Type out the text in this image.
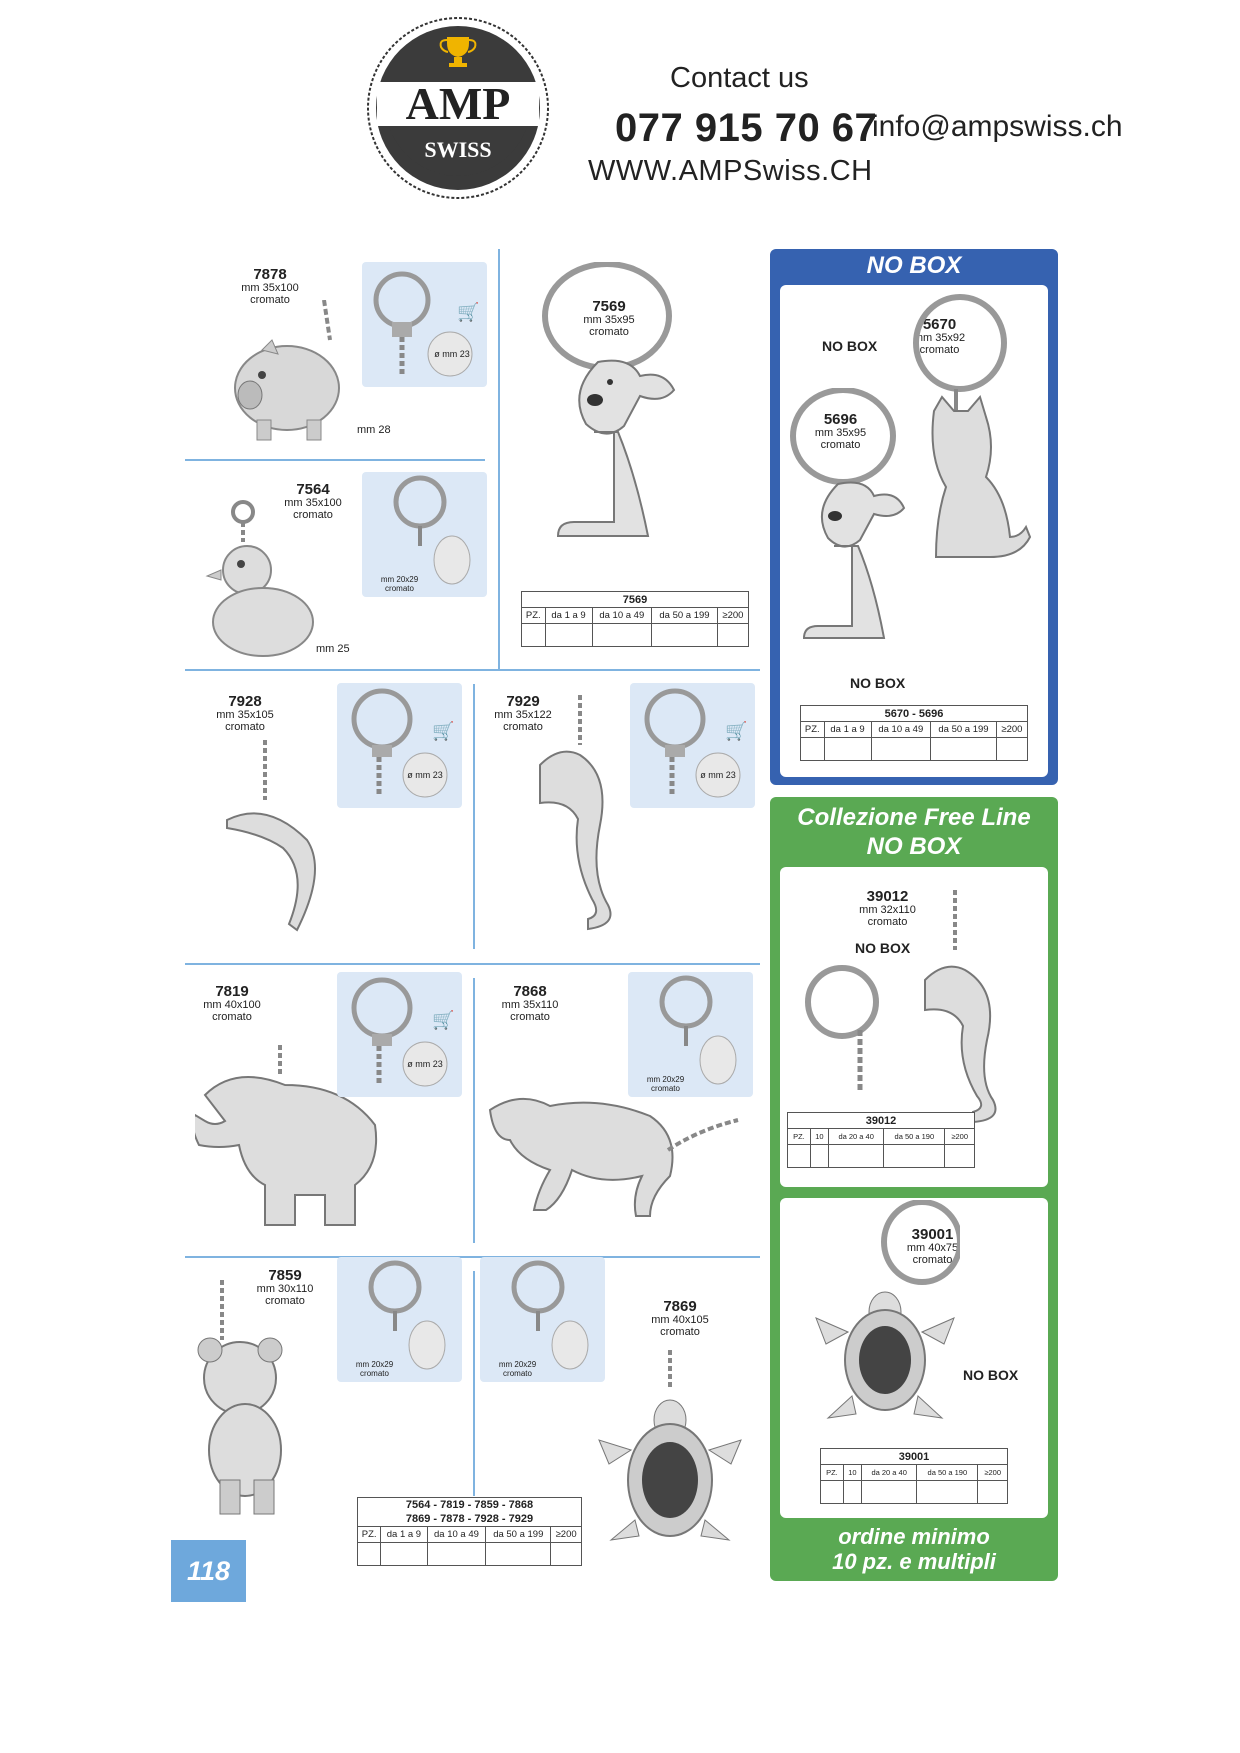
AMP
SWISS
Contact us
077 915 70 67
info@ampswiss.ch
WWW.AMPSwiss.CH
7878
mm 35x100
cromato
🛒
ø mm 23
mm 28
7564
mm 35x100
cromato
mm 20x29
cromato
mm 25
7569
mm 35x95
cromato
7569				
PZ.	da 1 a 9	da 10 a 49	da 50 a 199	≥200

7928
mm 35x105
cromato	🛒
ø mm 23
7929
mm 35x122
cromato	🛒
ø mm 23
7819
mm 40x100
cromato	🛒
ø mm 23
7868
mm 35x110
cromato
mm 20x29
cromato
7859
mm 30x110
cromato
mm 20x29
cromato
mm 20x29
cromato
7869
mm 40x105
cromato
7564 - 7819 - 7859 - 7868
7869 - 7878 - 7928 - 7929				
PZ.	da 1 a 9	da 10 a 49	da 50 a 199	≥200

118
NO BOX
NO BOX
5670
mm 35x92
cromato
5696
mm 35x95
cromato
NO BOX
5670 - 5696				
PZ.	da 1 a 9	da 10 a 49	da 50 a 199	≥200

Collezione Free Line
NO BOX
39012
mm 32x110
cromato
NO BOX
39012				
PZ.	10	da 20 a 40	da 50 a 190	≥200

39001
mm 40x75
cromato
NO BOX
39001				
PZ.	10	da 20 a 40	da 50 a 190	≥200

ordine minimo
10 pz. e multipli
